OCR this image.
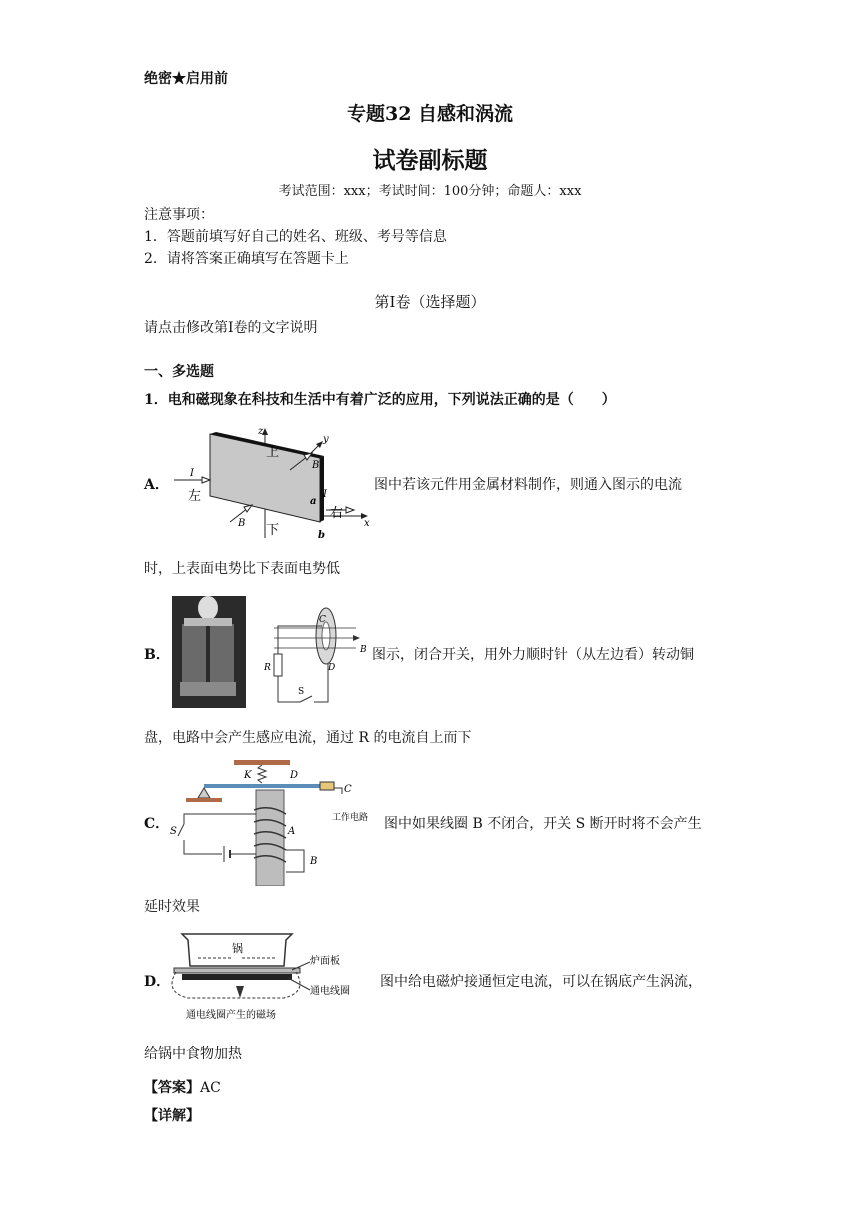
绝密★启用前
专题32 自感和涡流
试卷副标题
考试范围：xxx；考试时间：100分钟；命题人：xxx
注意事项：
1．答题前填写好自己的姓名、班级、考号等信息
2．请将答案正确填写在答题卡上
第I卷（选择题）
请点击修改第I卷的文字说明
一、多选题
1．电和磁现象在科技和生活中有着广泛的应用，下列说法正确的是（　　）
A．
z
x
y
上
下
左
右
I
I
B
B
a
b
图中若该元件用金属材料制作，则通入图示的电流
时，上表面电势比下表面电势低
B．
C
D
B
R
S
图示，闭合开关，用外力顺时针（从左边看）转动铜
盘，电路中会产生感应电流，通过 R 的电流自上而下
C．
K	D
C
工作电路
A
B
S	图中如果线圈 B 不闭合，开关 S 断开时将不会产生
延时效果
D．
锅
炉面板
通电线圈
通电线圈产生的磁场
图中给电磁炉接通恒定电流，可以在锅底产生涡流，
给锅中食物加热
【答案】AC
【详解】
